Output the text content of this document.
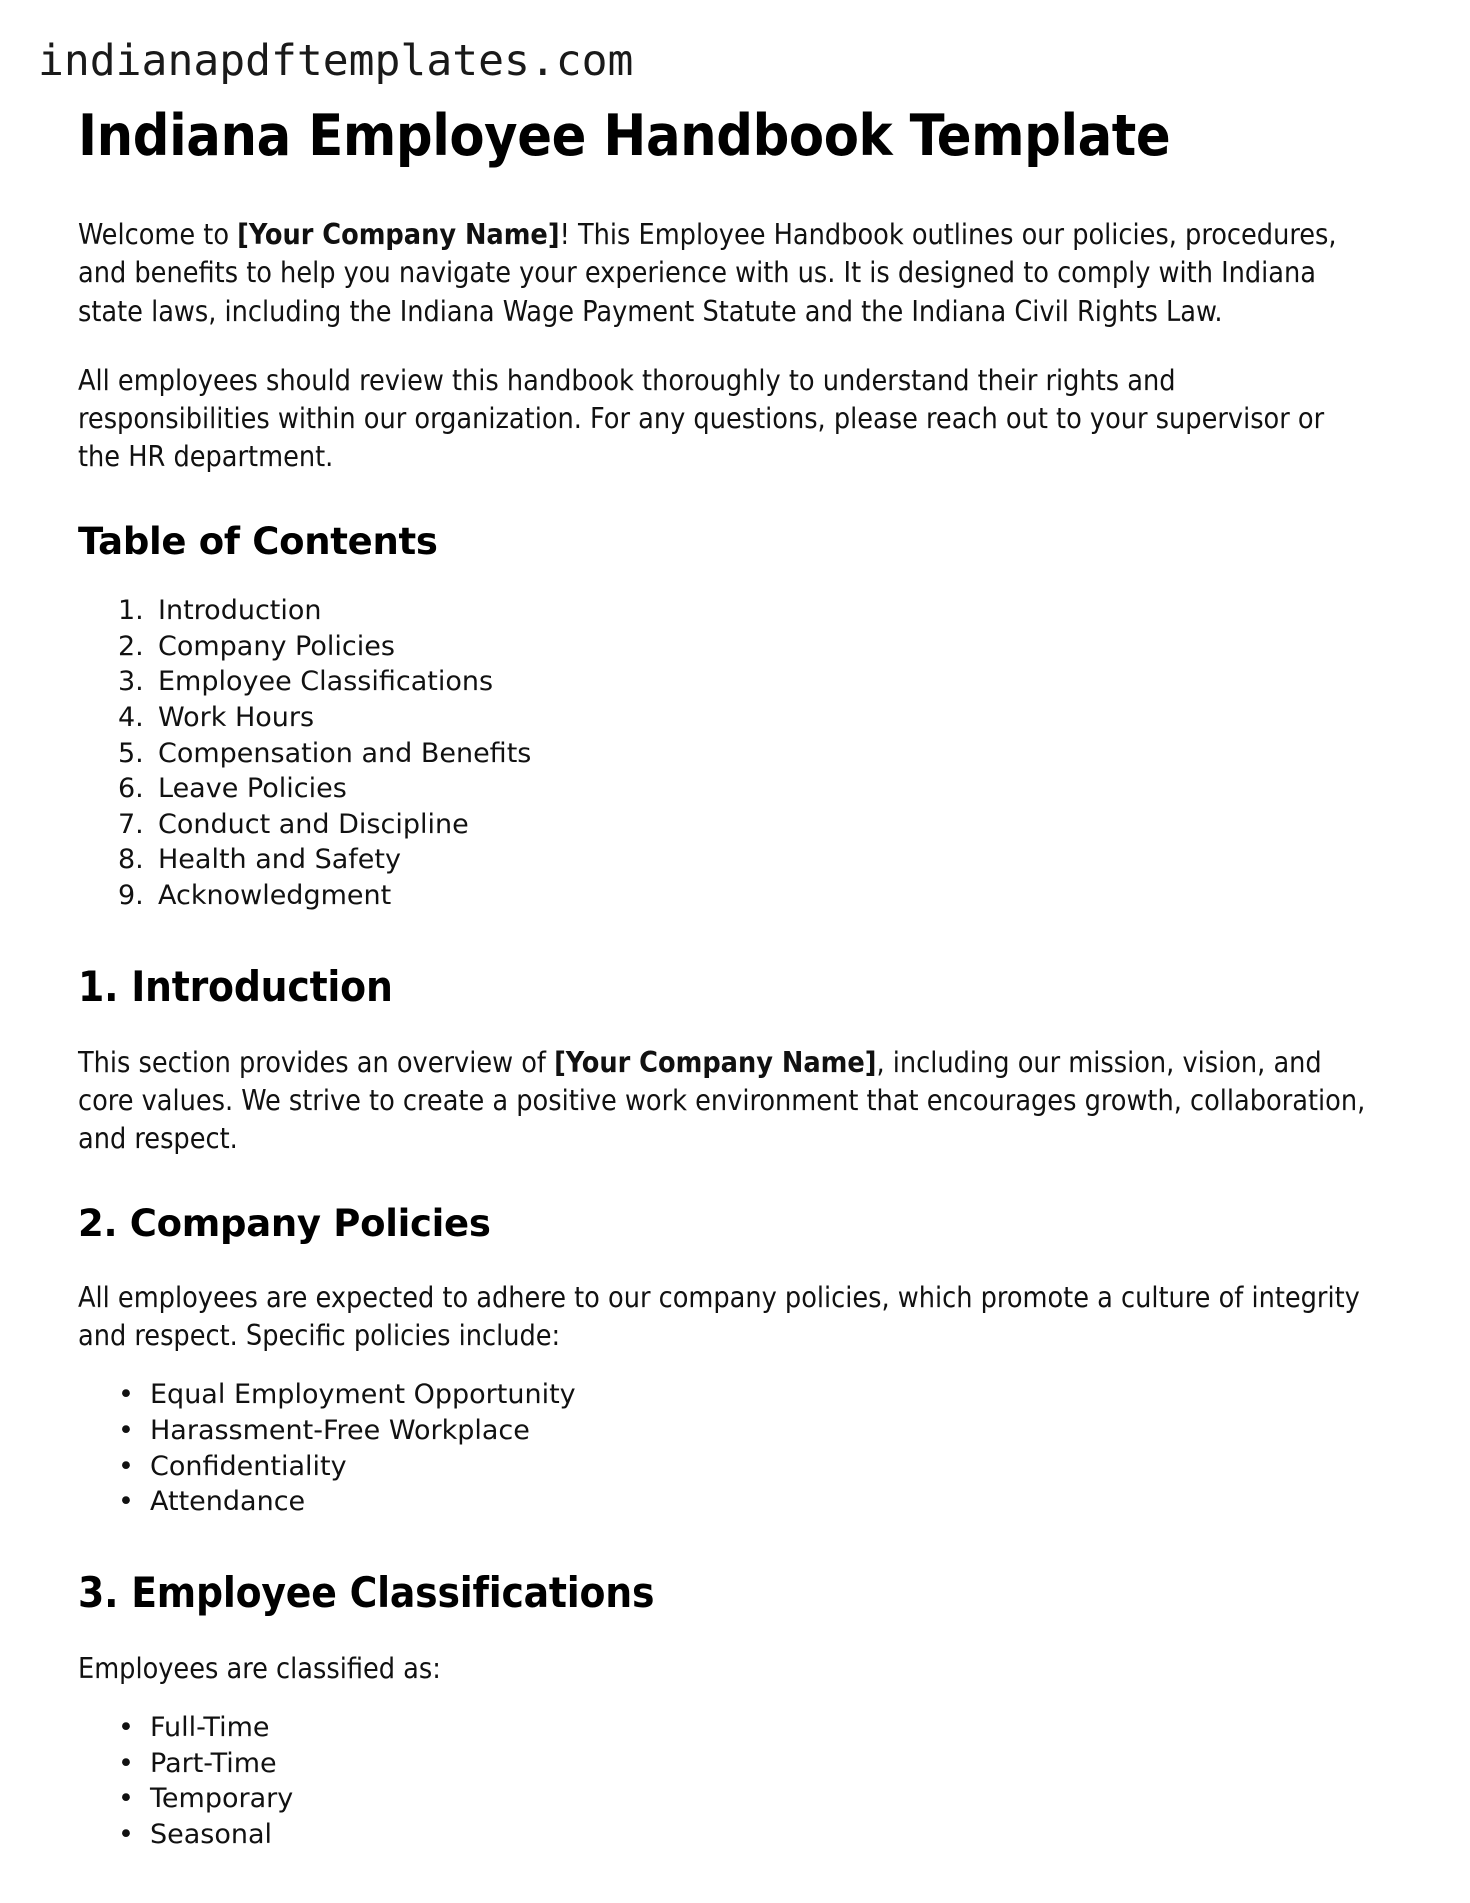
indianapdftemplates.com
Indiana Employee Handbook Template

Welcome to [Your Company Name]! This Employee Handbook outlines our policies, procedures, and benefits to help you navigate your experience with us. It is designed to comply with Indiana state laws, including the Indiana Wage Payment Statute and the Indiana Civil Rights Law.

All employees should review this handbook thoroughly to understand their rights and responsibilities within our organization. For any questions, please reach out to your supervisor or the HR department.

Table of Contents
1. Introduction
2. Company Policies
3. Employee Classifications
4. Work Hours
5. Compensation and Benefits
6. Leave Policies
7. Conduct and Discipline
8. Health and Safety
9. Acknowledgment
1. Introduction

This section provides an overview of [Your Company Name], including our mission, vision, and core values. We strive to create a positive work environment that encourages growth, collaboration, and respect.

2. Company Policies

All employees are expected to adhere to our company policies, which promote a culture of integrity and respect. Specific policies include:

• Equal Employment Opportunity
• Harassment-Free Workplace
• Confidentiality
• Attendance
3. Employee Classifications

Employees are classified as:

• Full-Time
• Part-Time
• Temporary
• Seasonal
